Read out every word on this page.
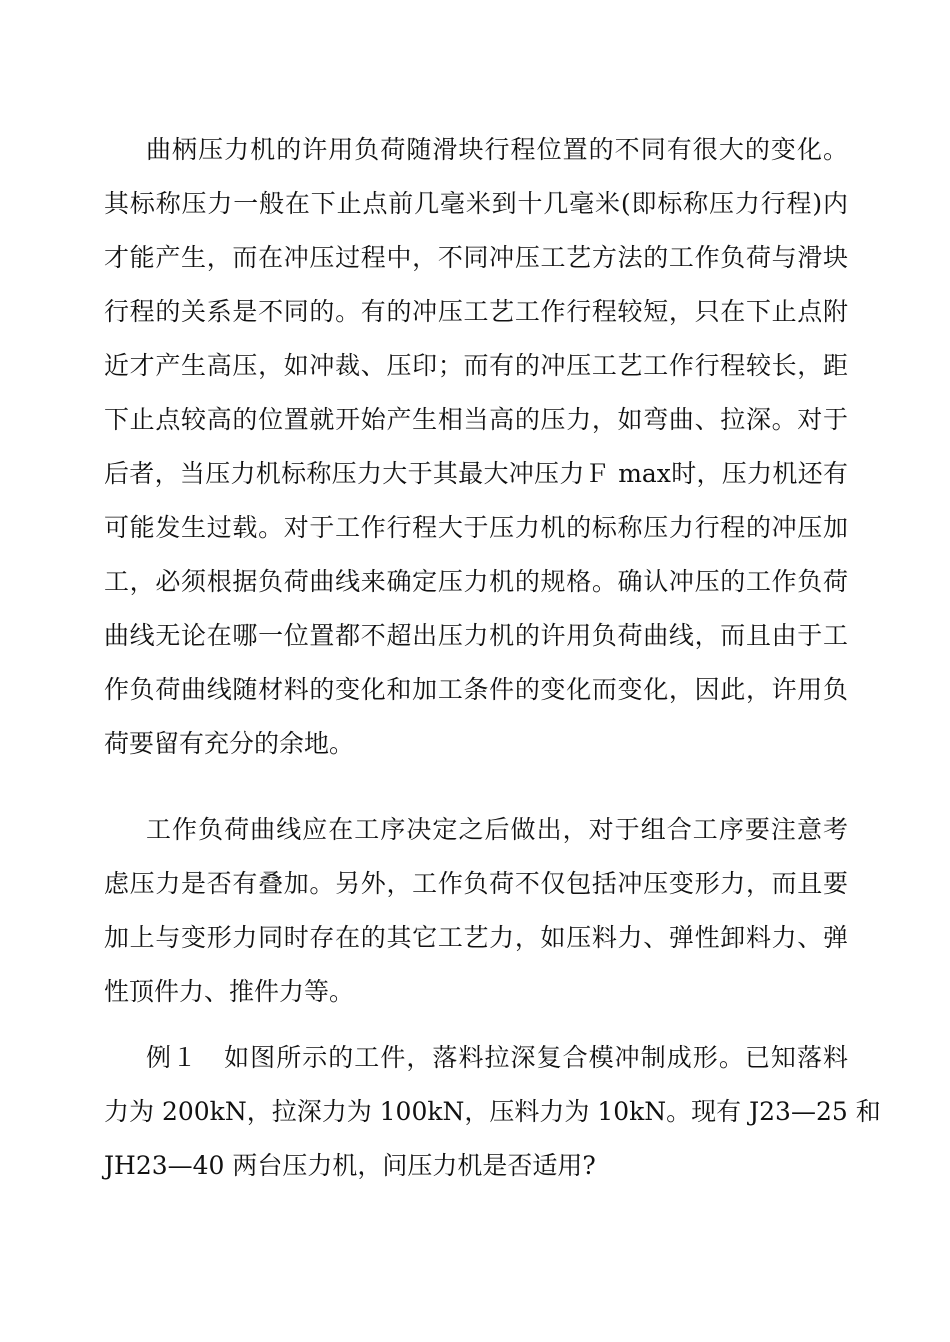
曲柄压力机的许用负荷随滑块行程位置的不同有很大的变化。
其标称压力一般在下止点前几毫米到十几毫米(即标称压力行程)内
才能产生，而在冲压过程中，不同冲压工艺方法的工作负荷与滑块
行程的关系是不同的。有的冲压工艺工作行程较短，只在下止点附
近才产生高压，如冲裁、压印；而有的冲压工艺工作行程较长，距
下止点较高的位置就开始产生相当高的压力，如弯曲、拉深。对于
后者，当压力机标称压力大于其最大冲压力Ｆ max时，压力机还有
可能发生过载。对于工作行程大于压力机的标称压力行程的冲压加
工，必须根据负荷曲线来确定压力机的规格。确认冲压的工作负荷
曲线无论在哪一位置都不超出压力机的许用负荷曲线，而且由于工
作负荷曲线随材料的变化和加工条件的变化而变化，因此，许用负
荷要留有充分的余地。
工作负荷曲线应在工序决定之后做出，对于组合工序要注意考
虑压力是否有叠加。另外，工作负荷不仅包括冲压变形力，而且要
加上与变形力同时存在的其它工艺力，如压料力、弹性卸料力、弹
性顶件力、推件力等。
例１　如图所示的工件，落料拉深复合模冲制成形。已知落料
力为 200kN，拉深力为 100kN，压料力为 10kN。现有 J23—25 和
JH23—40 两台压力机，问压力机是否适用?
